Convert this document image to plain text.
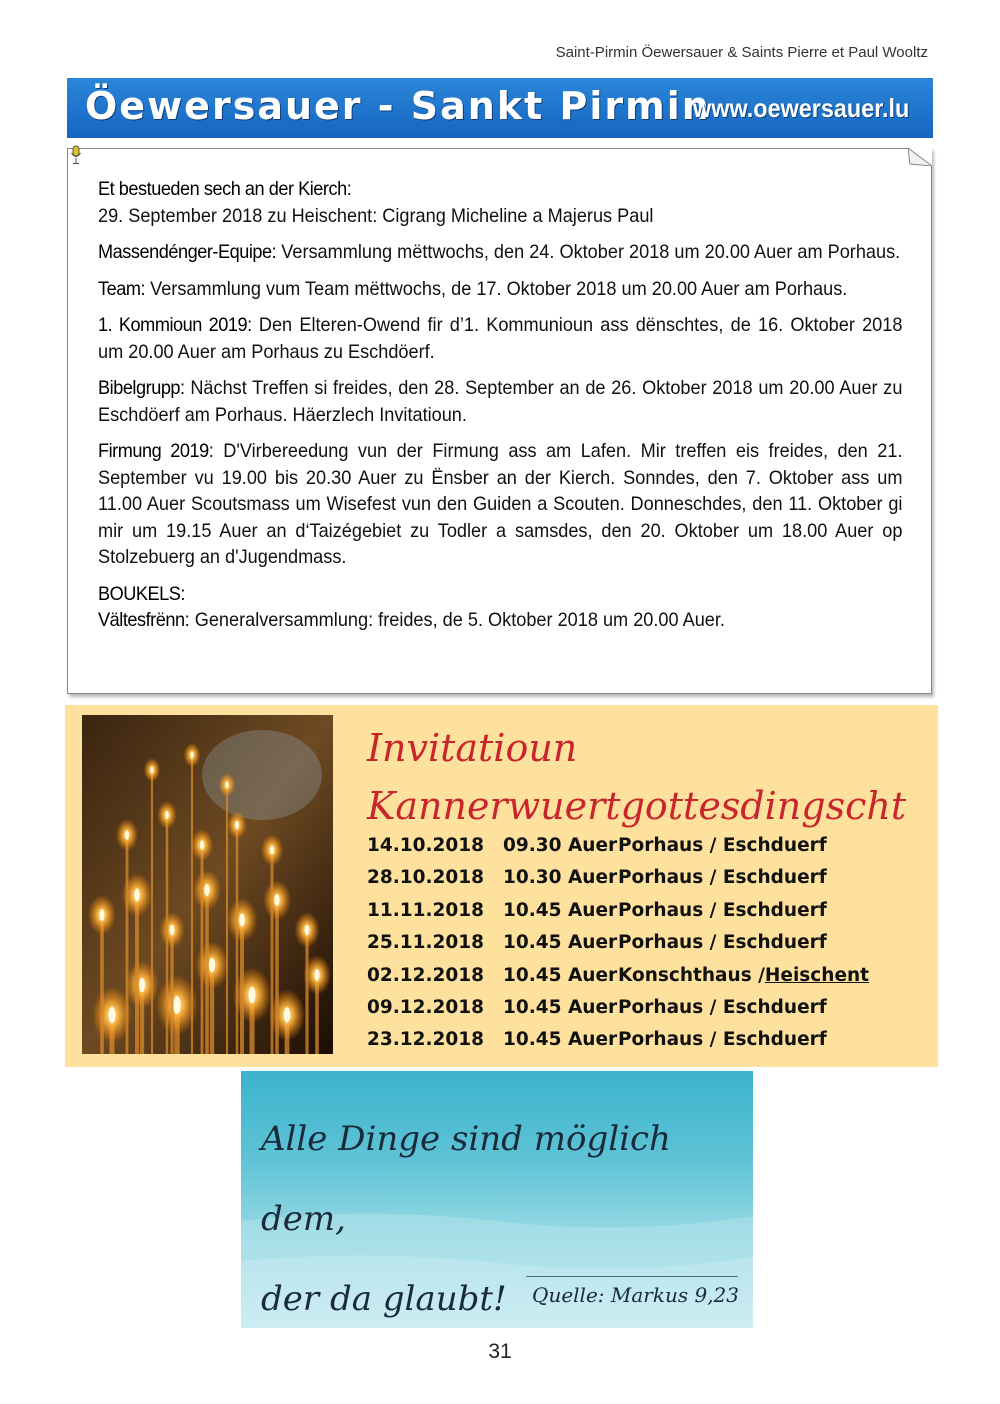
Saint-Pirmin Öewersauer & Saints Pierre et Paul Wooltz
Öewersauer - Sankt Pirmin
www.oewersauer.lu

Et bestueden sech an der Kierch:
29. September 2018 zu Heischent: Cigrang Micheline a Majerus Paul

Massendénger-Equipe: Versammlung mëttwochs, den 24. Oktober 2018 um 20.00 Auer am Porhaus.

Team: Versammlung vum Team mëttwochs, de 17. Oktober 2018 um 20.00 Auer am Porhaus.

1. Kommioun 2019: Den Elteren-Owend fir d’1. Kommunioun ass dënschtes, de 16. Oktober 2018 um 20.00 Auer am Porhaus zu Eschdöerf.

Bibelgrupp: Nächst Treffen si freides, den 28. September an de 26. Oktober 2018 um 20.00 Auer zu Eschdöerf am Porhaus. Häerzlech Invitatioun.

Firmung 2019: D'Virbereedung vun der Firmung ass am Lafen. Mir treffen eis freides, den 21. September vu 19.00 bis 20.30 Auer zu Ënsber an der Kierch. Sonndes, den 7. Oktober ass um 11.00 Auer Scoutsmass um Wisefest vun den Guiden a Scouten. Donneschdes, den 11. Oktober gi mir um 19.15 Auer an d‘Taizégebiet zu Todler a samsdes, den 20. Oktober um 18.00 Auer op Stolzebuerg an d'Jugendmass.

BOUKELS:
Vältesfrënn: Generalversammlung: freides, de 5. Oktober 2018 um 20.00 Auer.

Invitatioun
Kannerwuertgottesdingscht
14.10.2018 09.30 AuerPorhaus / Eschduerf
28.10.2018 10.30 AuerPorhaus / Eschduerf
11.11.2018 10.45 AuerPorhaus / Eschduerf
25.11.2018 10.45 AuerPorhaus / Eschduerf
02.12.2018 10.45 AuerKonschthaus /Heischent
09.12.2018 10.45 AuerPorhaus / Eschduerf
23.12.2018 10.45 AuerPorhaus / Eschduerf
Alle Dinge sind möglich dem,
der da glaubt!	Quelle: Markus 9,23
31
